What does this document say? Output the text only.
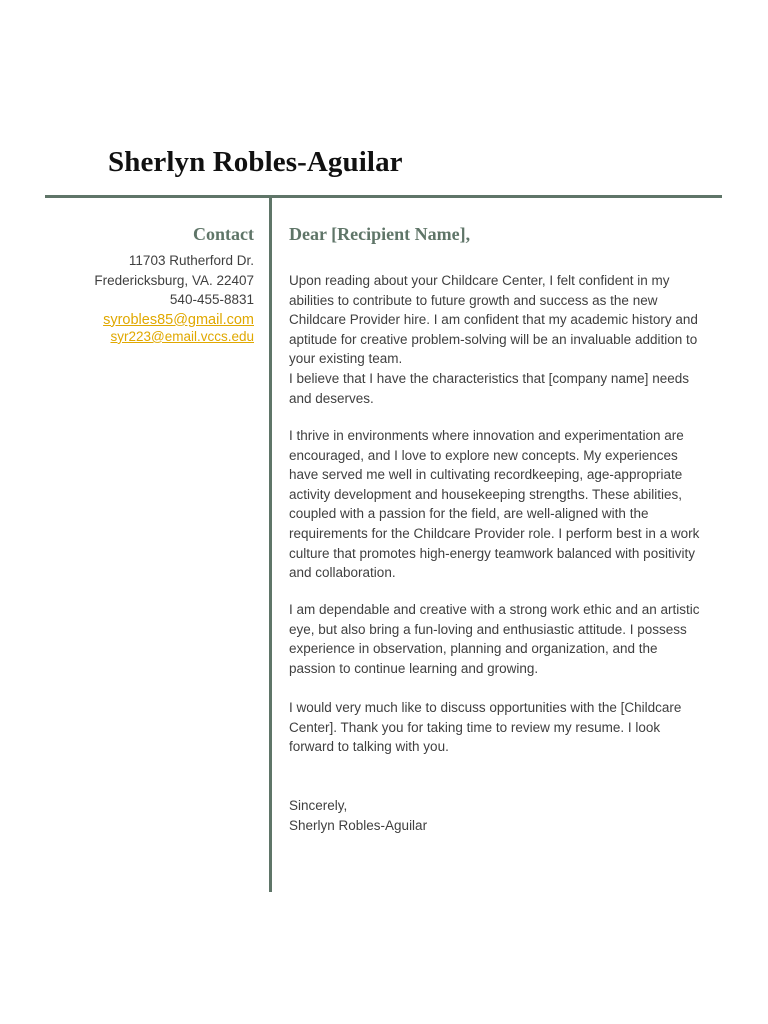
Sherlyn Robles-Aguilar
Contact
11703 Rutherford Dr.
Fredericksburg, VA. 22407
540-455-8831
syrobles85@gmail.com
syr223@email.vccs.edu
Dear [Recipient Name],

Upon reading about your Childcare Center, I felt confident in my
abilities to contribute to future growth and success as the new
Childcare Provider hire. I am confident that my academic history and
aptitude for creative problem-solving will be an invaluable addition to
your existing team.
I believe that I have the characteristics that [company name] needs
and deserves.

I thrive in environments where innovation and experimentation are
encouraged, and I love to explore new concepts. My experiences
have served me well in cultivating recordkeeping, age-appropriate
activity development and housekeeping strengths. These abilities,
coupled with a passion for the field, are well-aligned with the
requirements for the Childcare Provider role. I perform best in a work
culture that promotes high-energy teamwork balanced with positivity
and collaboration.

I am dependable and creative with a strong work ethic and an artistic
eye, but also bring a fun-loving and enthusiastic attitude. I possess
experience in observation, planning and organization, and the
passion to continue learning and growing.

I would very much like to discuss opportunities with the [Childcare
Center]. Thank you for taking time to review my resume. I look
forward to talking with you.

Sincerely,

Sherlyn Robles-Aguilar
